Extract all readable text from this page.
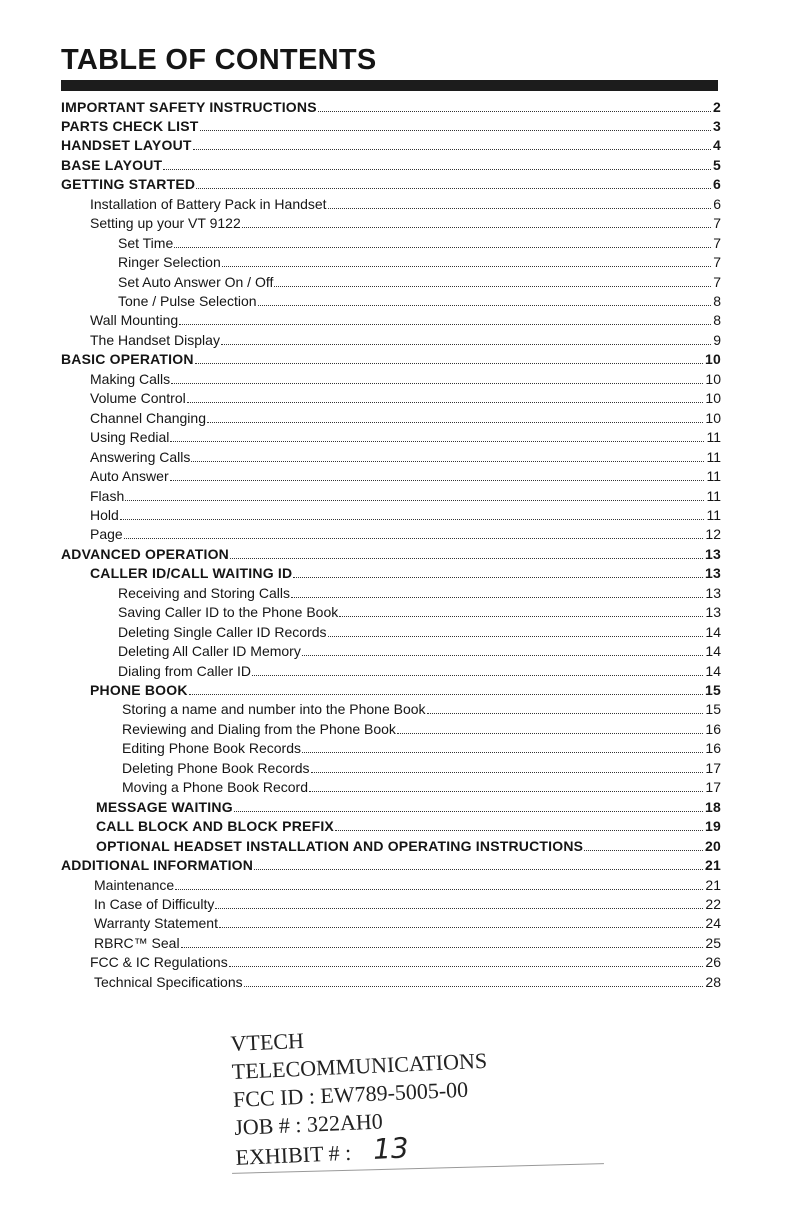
TABLE OF CONTENTS
IMPORTANT SAFETY INSTRUCTIONS	2
PARTS CHECK LIST	3
HANDSET LAYOUT	4
BASE LAYOUT	5
GETTING STARTED	6
Installation of Battery Pack in Handset	6
Setting up your VT 9122	7
Set Time	7
Ringer Selection	7
Set Auto Answer On / Off	7
Tone / Pulse Selection	8
Wall Mounting	8
The Handset Display	9
BASIC OPERATION	10
Making Calls	10
Volume Control	10
Channel Changing	10
Using Redial	11
Answering Calls	11
Auto Answer	11
Flash	11
Hold	11
Page	12
ADVANCED OPERATION	13
CALLER ID/CALL WAITING ID	13
Receiving and Storing Calls	13
Saving Caller ID to the Phone Book	13
Deleting Single Caller ID Records	14
Deleting All Caller ID Memory	14
Dialing from Caller ID	14
PHONE BOOK	15
Storing a name and number into the Phone Book	15
Reviewing and Dialing from the Phone Book	16
Editing Phone Book Records	16
Deleting Phone Book Records	17
Moving a Phone Book Record	17
MESSAGE WAITING	18
CALL BLOCK AND BLOCK PREFIX	19
OPTIONAL HEADSET INSTALLATION AND OPERATING INSTRUCTIONS	20
ADDITIONAL INFORMATION	21
Maintenance	21
In Case of Difficulty	22
Warranty Statement	24
RBRC™ Seal	25
FCC & IC Regulations	26
Technical Specifications	28
VTECH
TELECOMMUNICATIONS
FCC ID : EW789-5005-00
JOB # : 322AH0
EXHIBIT # : 13
